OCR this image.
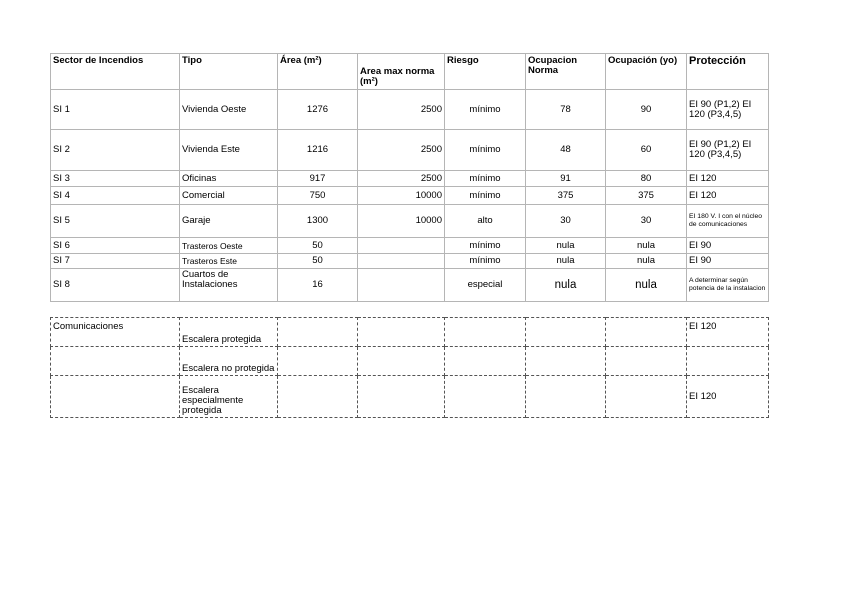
Sector de Incendios	Tipo	Área (m²)	Area max norma (m²)	Riesgo	Ocupacion Norma	Ocupación (yo)	Protección
SI 1	Vivienda Oeste	1276	2500	mínimo	78	90	EI 90 (P1,2) EI 120 (P3,4,5)
SI 2	Vivienda Este	1216	2500	mínimo	48	60	EI 90 (P1,2) EI 120 (P3,4,5)
SI 3	Oficinas	917	2500	mínimo	91	80	EI 120
SI 4	Comercial	750	10000	mínimo	375	375	EI 120
SI 5	Garaje	1300	10000	alto	30	30	EI 180 V. I con el núcleo de comunicaciones
SI 6	Trasteros Oeste	50		mínimo	nula	nula	EI 90
SI 7	Trasteros Este	50		mínimo	nula	nula	EI 90
SI 8	Cuartos de Instalaciones	16		especial	nula	nula	A determinar según potencia de la instalacion
Comunicaciones	Escalera protegida						EI 120
	Escalera no protegida						
	Escalera especialmente protegida						EI 120
